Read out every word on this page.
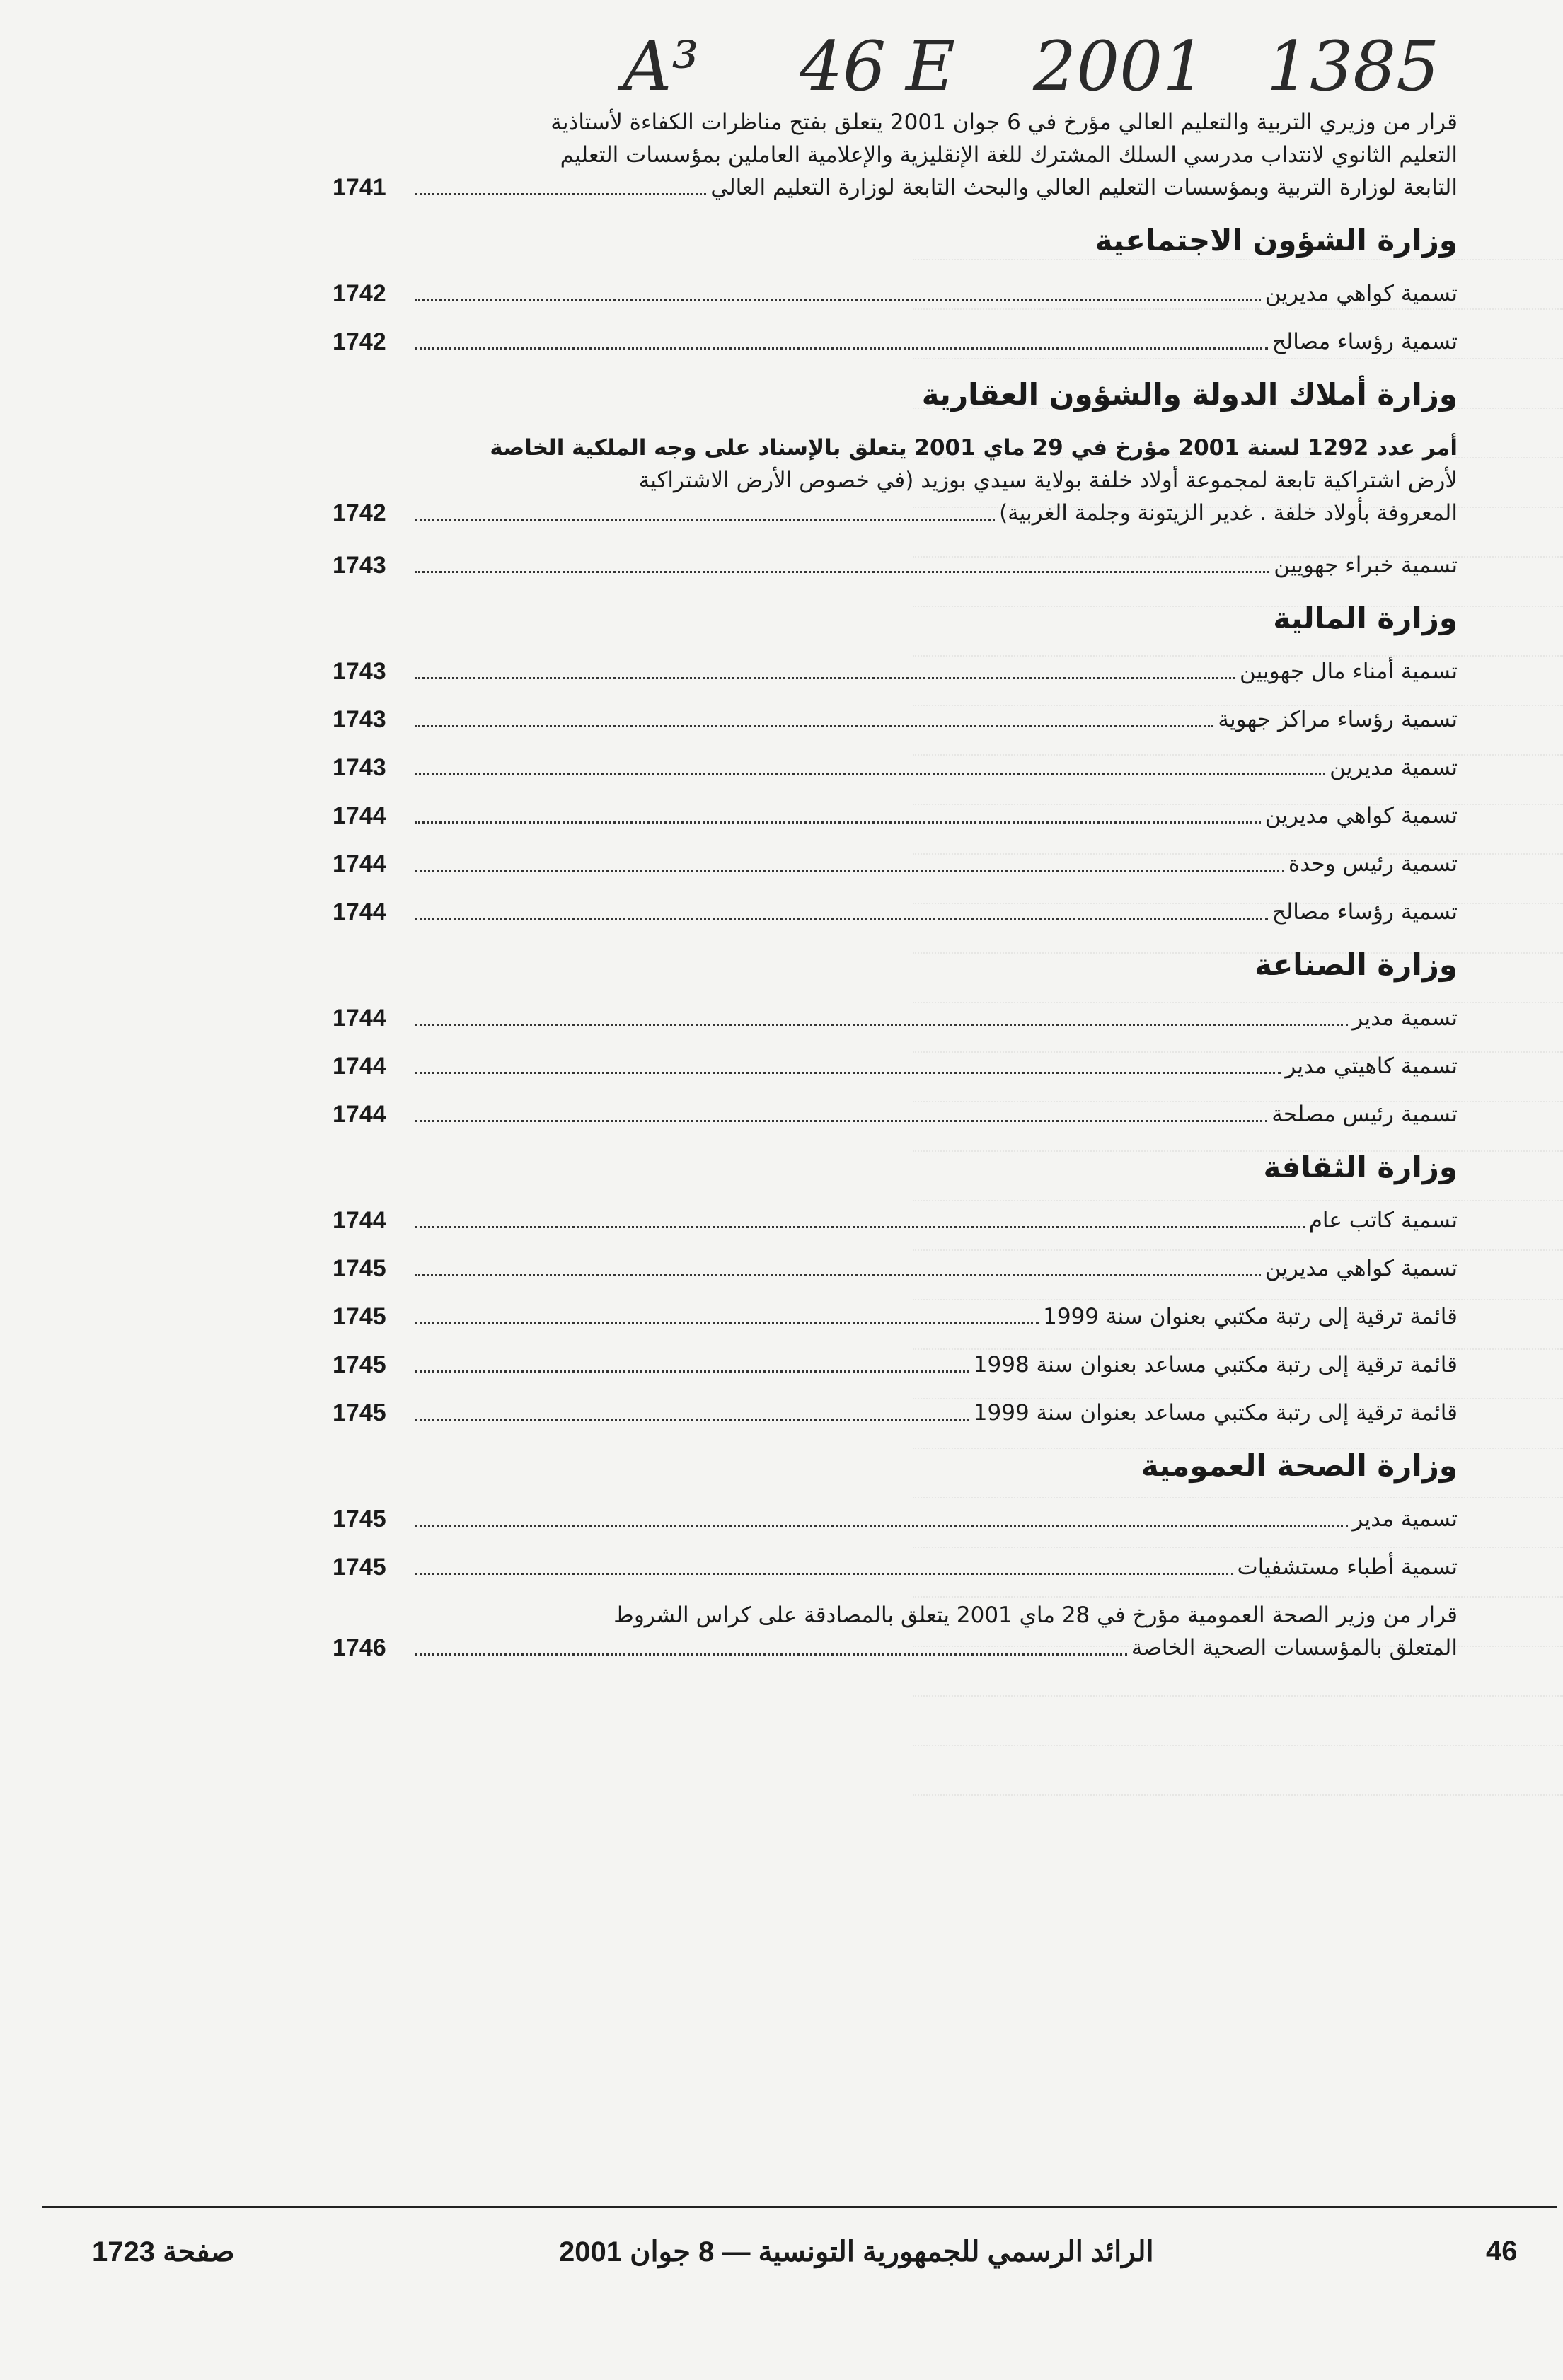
A³ 46 E 2001 1385
قرار من وزيري التربية والتعليم العالي مؤرخ في 6 جوان 2001 يتعلق بفتح مناظرات الكفاءة لأستاذية
التعليم الثانوي لانتداب مدرسي السلك المشترك للغة الإنقليزية والإعلامية العاملين بمؤسسات التعليم
التابعة لوزارة التربية وبمؤسسات التعليم العالي والبحث التابعة لوزارة التعليم العالي
1741
وزارة الشؤون الاجتماعية
تسمية كواهي مديرين
1742
تسمية رؤساء مصالح
1742
وزارة أملاك الدولة والشؤون العقارية
أمر عدد 1292 لسنة 2001 مؤرخ في 29 ماي 2001 يتعلق بالإسناد على وجه الملكية الخاصة
لأرض اشتراكية تابعة لمجموعة أولاد خلفة بولاية سيدي بوزيد (في خصوص الأرض الاشتراكية
المعروفة بأولاد خلفة . غدير الزيتونة وجلمة الغربية)
1742
تسمية خبراء جهويين
1743
وزارة المالية
تسمية أمناء مال جهويين
1743
تسمية رؤساء مراكز جهوية
1743
تسمية مديرين
1743
تسمية كواهي مديرين
1744
تسمية رئيس وحدة
1744
تسمية رؤساء مصالح
1744
وزارة الصناعة
تسمية مدير
1744
تسمية كاهيتي مدير
1744
تسمية رئيس مصلحة
1744
وزارة الثقافة
تسمية كاتب عام
1744
تسمية كواهي مديرين
1745
قائمة ترقية إلى رتبة مكتبي بعنوان سنة 1999
1745
قائمة ترقية إلى رتبة مكتبي مساعد بعنوان سنة 1998
1745
قائمة ترقية إلى رتبة مكتبي مساعد بعنوان سنة 1999
1745
وزارة الصحة العمومية
تسمية مدير
1745
تسمية أطباء مستشفيات
1745
قرار من وزير الصحة العمومية مؤرخ في 28 ماي 2001 يتعلق بالمصادقة على كراس الشروط
المتعلق بالمؤسسات الصحية الخاصة
1746
صفحة 1723	الرائد الرسمي للجمهورية التونسية — 8 جوان 2001	46
